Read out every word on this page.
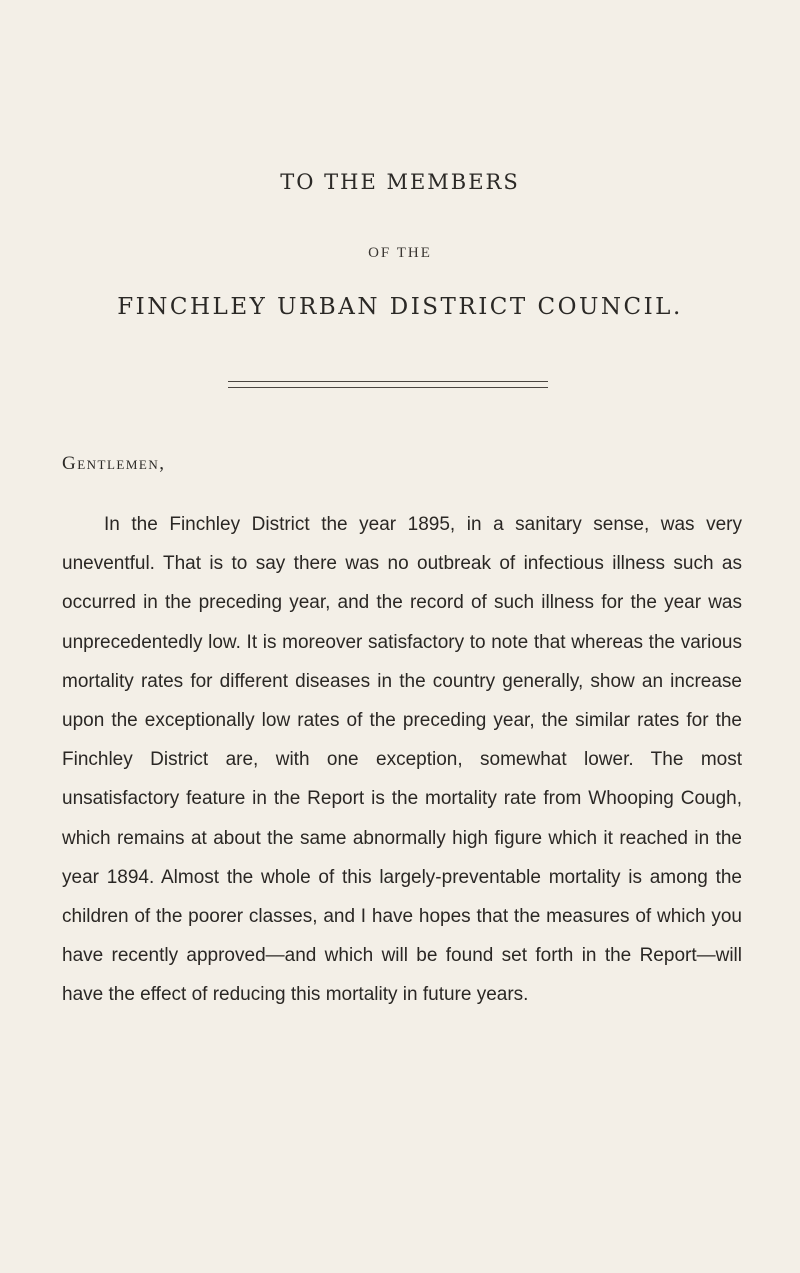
TO THE MEMBERS
OF THE
FINCHLEY URBAN DISTRICT COUNCIL.
Gentlemen,

In the Finchley District the year 1895, in a sanitary sense, was very uneventful. That is to say there was no outbreak of infectious illness such as occurred in the preceding year, and the record of such illness for the year was unprecedentedly low. It is moreover satisfactory to note that whereas the various mortality rates for different diseases in the country generally, show an increase upon the exceptionally low rates of the preceding year, the similar rates for the Finchley District are, with one exception, somewhat lower. The most unsatisfactory feature in the Report is the mortality rate from Whooping Cough, which remains at about the same abnormally high figure which it reached in the year 1894. Almost the whole of this largely-preventable mortality is among the children of the poorer classes, and I have hopes that the measures of which you have recently approved—and which will be found set forth in the Report—will have the effect of reducing this mortality in future years.
